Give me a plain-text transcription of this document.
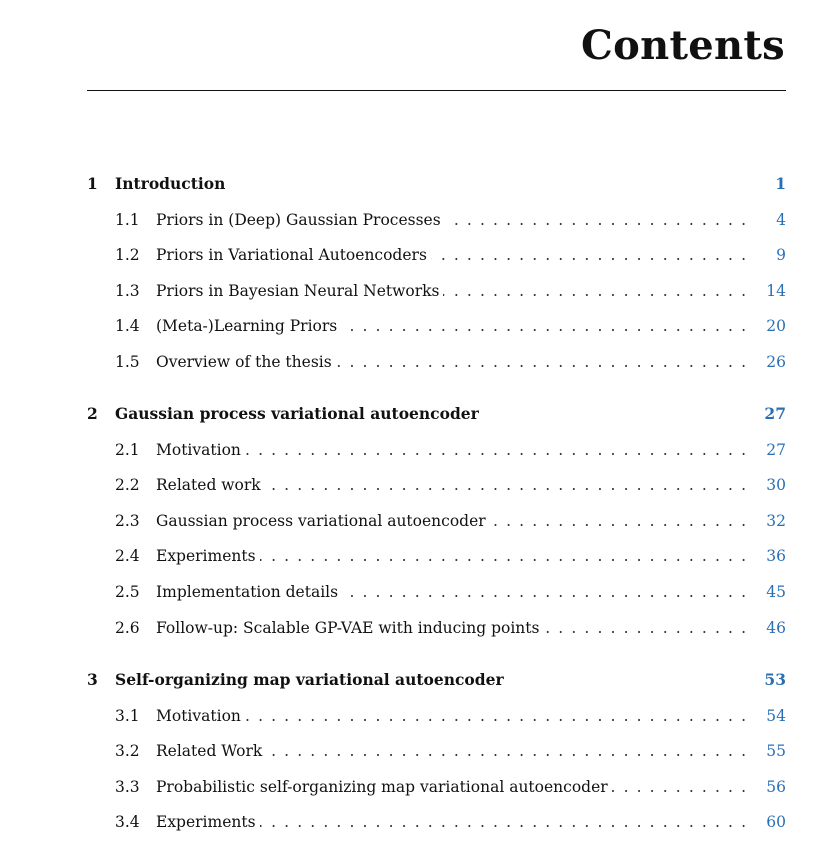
Contents
1	Introduction	1
1.1	Priors in (Deep) Gaussian Processes . . .	4
1.2	Priors in Variational Autoencoders . . .	9
1.3	Priors in Bayesian Neural Networks . . .	14
1.4	(Meta-)Learning Priors . . .	20
1.5	Overview of the thesis . . .	26
2	Gaussian process variational autoencoder	27
2.1	Motivation . . .	27
2.2	Related work . . .	30
2.3	Gaussian process variational autoencoder . . .	32
2.4	Experiments . . .	36
2.5	Implementation details . . .	45
2.6	Follow-up: Scalable GP-VAE with inducing points . . .	46
3	Self-organizing map variational autoencoder	53
3.1	Motivation . . .	54
3.2	Related Work . . .	55
3.3	Probabilistic self-organizing map variational autoencoder . . .	56
3.4	Experiments . . .	60
